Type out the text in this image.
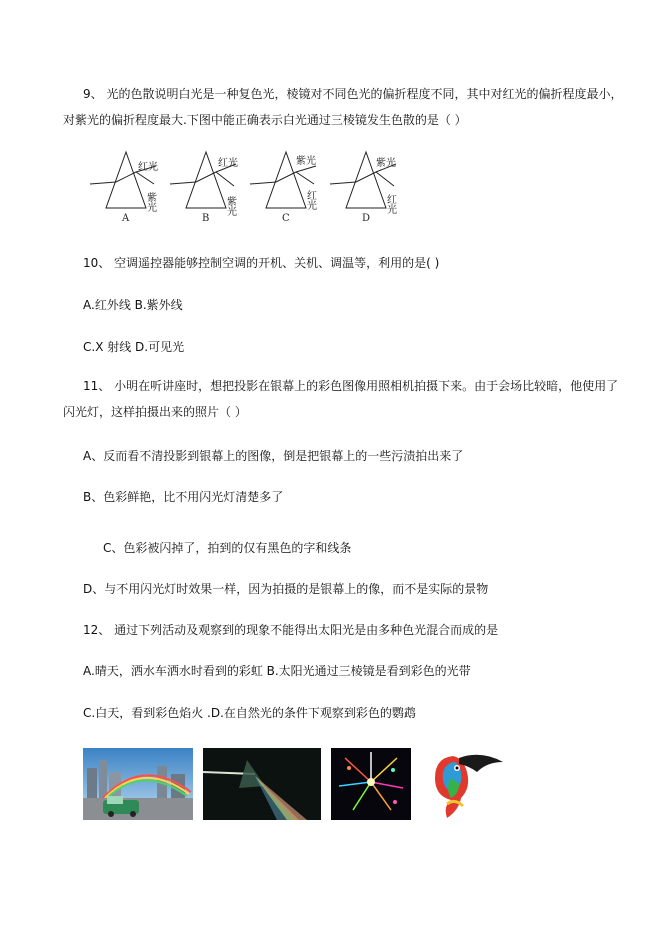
9、 光的色散说明白光是一种复色光，棱镜对不同色光的偏折程度不同，其中对红光的偏折程度最小，
对紫光的偏折程度最大.下图中能正确表示白光通过三棱镜发生色散的是（ ）
红光
紫光
A
红光
紫光
B
紫光
红光
C
紫光
红光
D
10、 空调遥控器能够控制空调的开机、关机、调温等，利用的是( )
A.红外线 B.紫外线
C.X 射线 D.可见光
11、 小明在听讲座时，想把投影在银幕上的彩色图像用照相机拍摄下来。由于会场比较暗，他使用了
闪光灯，这样拍摄出来的照片（ ）
A、反而看不清投影到银幕上的图像，倒是把银幕上的一些污渍拍出来了
B、色彩鲜艳，比不用闪光灯清楚多了
C、色彩被闪掉了，拍到的仅有黑色的字和线条
D、与不用闪光灯时效果一样，因为拍摄的是银幕上的像，而不是实际的景物
12、 通过下列活动及观察到的现象不能得出太阳光是由多种色光混合而成的是
A.晴天，洒水车洒水时看到的彩虹 B.太阳光通过三棱镜是看到彩色的光带
C.白天，看到彩色焰火 .D.在自然光的条件下观察到彩色的鹦鹉
